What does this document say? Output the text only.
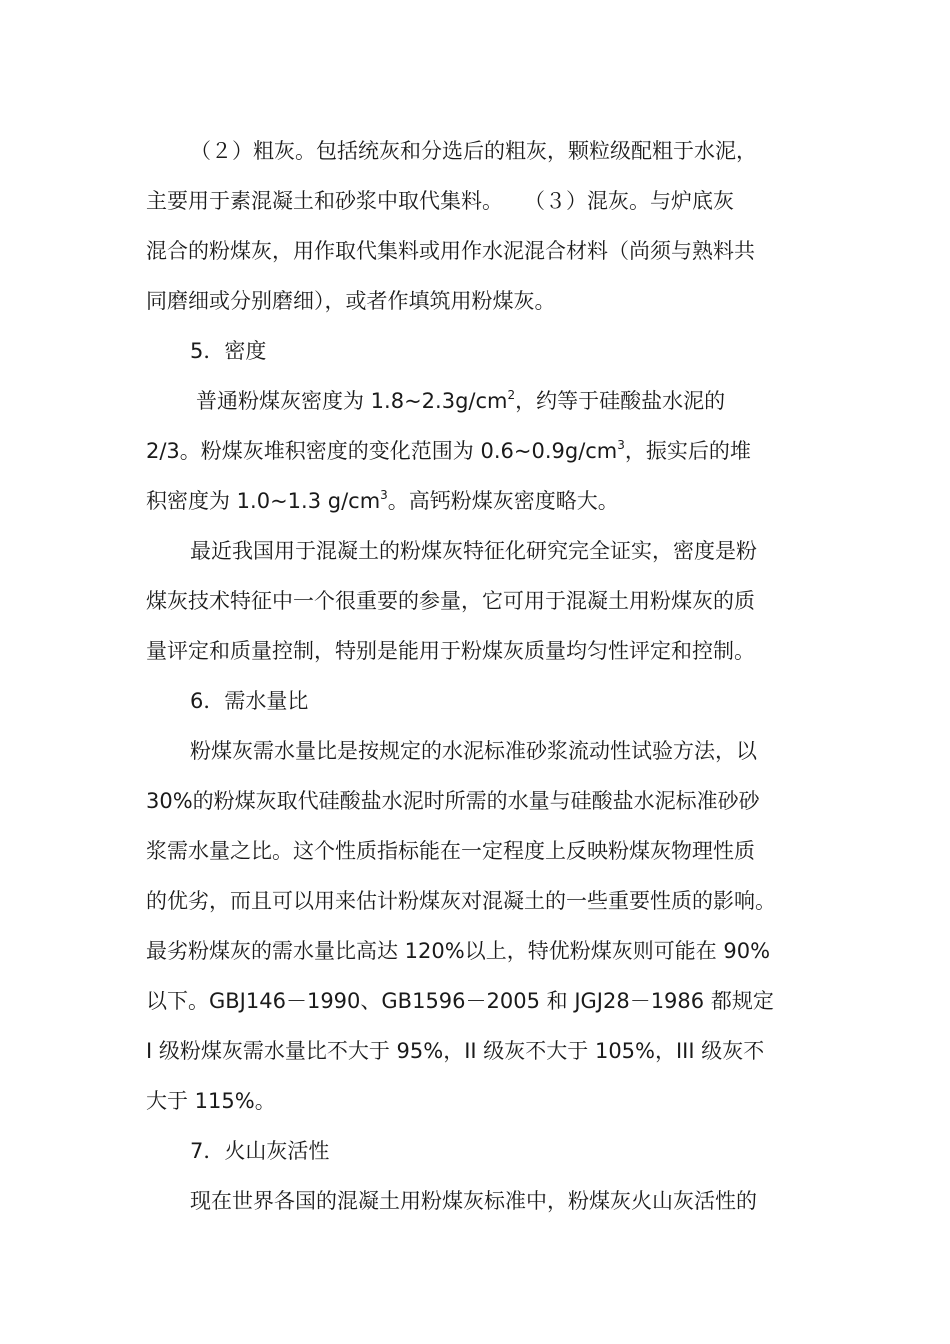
（２）粗灰。包括统灰和分选后的粗灰，颗粒级配粗于水泥，
主要用于素混凝土和砂浆中取代集料。　　（３）混灰。与炉底灰
混合的粉煤灰，用作取代集料或用作水泥混合材料（尚须与熟料共
同磨细或分别磨细），或者作填筑用粉煤灰。
5．密度
普通粉煤灰密度为 $1.8\sim 2.3g/cm^2$，约等于硅酸盐水泥的
2/3。粉煤灰堆积密度的变化范围为 $0.6\sim 0.9g/cm^3$，振实后的堆
积密度为 1.0~1.3 $g/cm^3$。高钙粉煤灰密度略大。
最近我国用于混凝土的粉煤灰特征化研究完全证实，密度是粉
煤灰技术特征中一个很重要的参量，它可用于混凝土用粉煤灰的质
量评定和质量控制，特别是能用于粉煤灰质量均匀性评定和控制。
6．需水量比
粉煤灰需水量比是按规定的水泥标准砂浆流动性试验方法，以
30%的粉煤灰取代硅酸盐水泥时所需的水量与硅酸盐水泥标准砂砂
浆需水量之比。这个性质指标能在一定程度上反映粉煤灰物理性质
的优劣，而且可以用来估计粉煤灰对混凝土的一些重要性质的影响。
最劣粉煤灰的需水量比高达 120%以上，特优粉煤灰则可能在 90%
以下。GBJ146－1990、GB1596－2005 和 JGJ28－1986 都规定
I 级粉煤灰需水量比不大于 95%，II 级灰不大于 105%，III 级灰不
大于 115%。
7．火山灰活性
现在世界各国的混凝土用粉煤灰标准中，粉煤灰火山灰活性的
